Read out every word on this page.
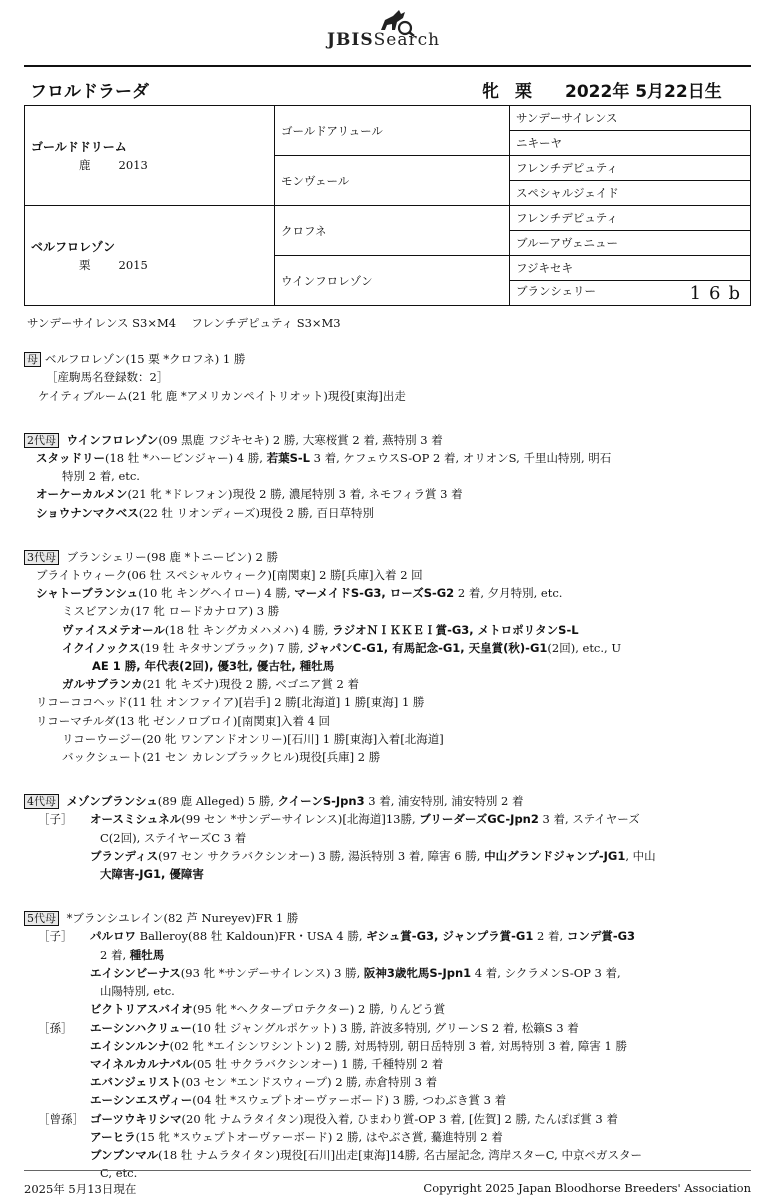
JBISSearch
フロルドラーダ	牝 栗 2022年 5月22日生
ゴールドドリーム
鹿 2013	ゴールドアリュール	サンデーサイレンス
		ニキーヤ
	モンヴェール	フレンチデピュティ
		スペシャルジェイド

ベルフロレゾン
栗 2015	クロフネ	フレンチデピュティ
		ブルーアヴェニュー
	ウインフロレゾン	フジキセキ
		ブランシェリー 16b
サンデーサイレンス S3×M4　 フレンチデピュティ S3×M3
母 ベルフロレゾン(15 栗 *クロフネ) 1 勝
［産駒馬名登録数：2］
ケイティブルーム(21 牝 鹿 *アメリカンペイトリオット)現役[東海]出走
2代母 ウインフロレゾン(09 黒鹿 フジキセキ) 2 勝, 大寒桜賞 2 着, 燕特別 3 着
スタッドリー(18 牡 *ハービンジャー) 4 勝, 若葉S-L 3 着, ケフェウスS-OP 2 着, オリオンS, 千里山特別, 明石
特別 2 着, etc.
オーケーカルメン(21 牝 *ドレフォン)現役 2 勝, 濃尾特別 3 着, ネモフィラ賞 3 着
ショウナンマクベス(22 牡 リオンディーズ)現役 2 勝, 百日草特別
3代母 ブランシェリー(98 鹿 *トニービン) 2 勝
ブライトウィーク(06 牡 スペシャルウィーク)[南関東] 2 勝[兵庫]入着 2 回
シャトーブランシュ(10 牝 キングヘイロー) 4 勝, マーメイドS-G3, ローズS-G2 2 着, 夕月特別, etc.
ミスビアンカ(17 牝 ロードカナロア) 3 勝
ヴァイスメテオール(18 牡 キングカメハメハ) 4 勝, ラジオＮＩＫＫＥＩ賞-G3, メトロポリタンS-L
イクイノックス(19 牡 キタサンブラック) 7 勝, ジャパンC-G1, 有馬記念-G1, 天皇賞(秋)-G1(2回), etc., U
AE 1 勝, 年代表(2回), 優3牡, 優古牡, 種牡馬
ガルサブランカ(21 牝 キズナ)現役 2 勝, ベゴニア賞 2 着
リコーココヘッド(11 牡 オンファイア)[岩手] 2 勝[北海道] 1 勝[東海] 1 勝
リコーマチルダ(13 牝 ゼンノロブロイ)[南関東]入着 4 回
リコーウージー(20 牝 ワンアンドオンリー)[石川] 1 勝[東海]入着[北海道]
バックシュート(21 セン カレンブラックヒル)現役[兵庫] 2 勝
4代母 メゾンブランシュ(89 鹿 Alleged) 5 勝, クイーンS-Jpn3 3 着, 浦安特別, 浦安特別 2 着
［子］ オースミシュネル(99 セン *サンデーサイレンス)[北海道]13勝, ブリーダーズGC-Jpn2 3 着, ステイヤーズ
C(2回), ステイヤーズC 3 着
ブランディス(97 セン サクラバクシンオー) 3 勝, 湯浜特別 3 着, 障害 6 勝, 中山グランドジャンプ-JG1, 中山
大障害-JG1, 優障害
5代母 *ブランシユレイン(82 芦 Nureyev)FR 1 勝
［子］ パルロワ Balleroy(88 牡 Kaldoun)FR・USA 4 勝, ギシュ賞-G3, ジャンプラ賞-G1 2 着, コンデ賞-G3
2 着, 種牡馬
エイシンビーナス(93 牝 *サンデーサイレンス) 3 勝, 阪神3歳牝馬S-Jpn1 4 着, シクラメンS-OP 3 着,
山陽特別, etc.
ビクトリアスバイオ(95 牝 *ヘクタープロテクター) 2 勝, りんどう賞
［孫］ エーシンハクリュー(10 牡 ジャングルポケット) 3 勝, 許波多特別, グリーンS 2 着, 松籟S 3 着
エイシンルンナ(02 牝 *エイシンワシントン) 2 勝, 対馬特別, 朝日岳特別 3 着, 対馬特別 3 着, 障害 1 勝
マイネルカルナバル(05 牡 サクラバクシンオー) 1 勝, 千種特別 2 着
エバンジェリスト(03 セン *エンドスウィープ) 2 勝, 赤倉特別 3 着
エーシンエスヴィー(04 牡 *スウェプトオーヴァーボード) 3 勝, つわぶき賞 3 着
［曾孫］ ゴーツウキリシマ(20 牝 ナムラタイタン)現役入着, ひまわり賞-OP 3 着, [佐賀] 2 勝, たんぽぽ賞 3 着
アーヒラ(15 牝 *スウェプトオーヴァーボード) 2 勝, はやぶさ賞, 驀進特別 2 着
ブンブンマル(18 牡 ナムラタイタン)現役[石川]出走[東海]14勝, 名古屋記念, 湾岸スターC, 中京ペガスター
C, etc.
2025年 5月13日現在	Copyright 2025 Japan Bloodhorse Breeders' Association
